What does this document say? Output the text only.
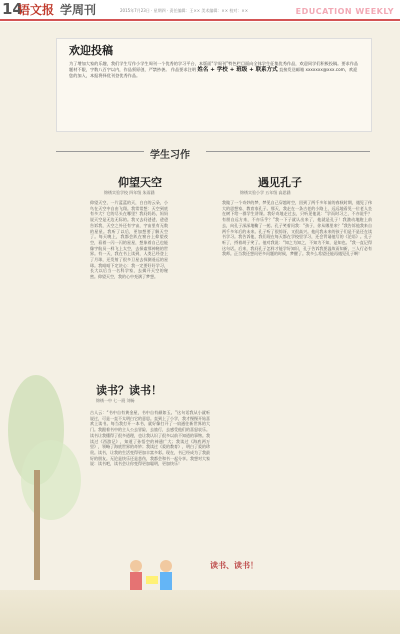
14
语文报 学周刊	2015年7月23日 · 星期四 · 责任编辑：王×× 美术编辑：×× 校对：××	EDUCATION WEEKLY
欢迎投稿
为了增加大家的乐趣，我们学生写作小学生周刊一个优秀的学习平台，本版面“学周刊”特色栏目面向全体学生征集优秀作品，欢迎同学们积极投稿。要求作品题材不限，字数八百字以内，作品须原创，严禁抄袭。 作品要求注明 姓名 + 学校 + 班级 + 联系方式 直接发送邮箱 xxxxxxx@xxx.com，欢迎您的加入，本报将择优刊登优秀作品。
学生习作
仰望天空
锦绣实验学校 四年级 朱雨涵
仰望天空，一片蓝蓝的天，白白的云朵，小鸟在天空中自由飞翔。我常常想：天空到底有多大？它的尽头在哪里？我问妈妈，妈妈说天空是无边无际的。我又去问爸爸，爸爸告诉我，天空之外还有宇宙，宇宙里有无数的星星。我听了以后，更加想要了解天空了。每天晚上，我都会趴在窗台上仰望夜空，看着一闪一闪的星星，想象着自己也能像宇航员一样飞上太空，去探索那神秘的世界。有一天，我在书上读到，人类已经登上了月球，还发射了很多卫星去探测遥远的星球。我暗暗下定决心：我一定要好好学习，长大以后当一名科学家，去揭开天空的秘密。仰望天空，我的心中充满了梦想。
读书？读书！
锦绣一中 七一班 刘畅
古人云：“书中自有黄金屋，书中自有颜如玉。”这句话我从小就听说过，可是一直不太明白它的意思。直到上了小学，我才慢慢开始喜欢上读书。每当我打开一本书，就好像打开了一扇通往新世界的大门。我跟着书中的主人公去冒险，去旅行，去感受他们的喜怒哀乐。读书让我懂得了很多道理，也让我认识了很多以前不知道的事物。我读过《西游记》，知道了孙悟空的神通广大；我读过《海底两万里》，领略了海底世界的奇妙；我读过《爱的教育》，明白了爱的珍贵。读书，让我的生活变得更加丰富多彩。现在，书已经成为了我最好的朋友。无论是快乐还是悲伤，我都会和书一起分享。我想对大家说：读书吧，读书会让你变得更加聪明，更加快乐！
遇见孔子
锦绣实验小学 五年级 高思涵
我做了一个奇妙的梦，梦见自己穿越时空，回到了两千多年前的春秋时期，遇见了伟大的思想家、教育家孔子。那天，我走在一条古老的小路上，远远地看见一位老人坐在树下给一群学生讲课。我好奇地走过去，只听见他说：“学而时习之，不亦说乎？有朋自远方来，不亦乐乎？”我一下子就认出来了，他就是孔子！我激动地跑上前去，向孔子深深地鞠了一躬。孔子笑着问我：“孩子，你从哪里来？”我告诉他我来自两千多年后的未来。孔子听了很惊讶，又很高兴。他问我未来的孩子们是不是还在读书学习。我告诉他，我们现在每天都在学校里学习，还会背诵他写的《论语》。孔子听了，捋着胡子笑了。他对我说：“知之为知之，不知为不知，是知也。”我一直记得这句话。后来，我问孔子怎样才能学好知识，孔子告诉我要温故而知新，三人行必有我师。正当我还想问更多问题的时候，梦醒了。我多么希望还能再遇见孔子啊！
读书、读书！
